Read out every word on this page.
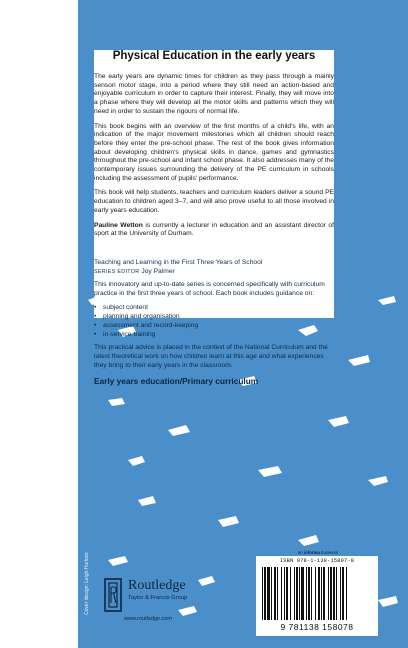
Physical Education in the early years

The early years are dynamic times for children as they pass through a mainly sensori motor stage, into a period where they still need an action-based and enjoyable curriculum in order to capture their interest. Finally, they will move into a phase where they will develop all the motor skills and patterns which they will need in order to sustain the rigours of normal life.

This book begins with an overview of the first months of a child's life, with an indication of the major movement milestones which all children should reach before they enter the pre-school phase. The rest of the book gives information about developing children's physical skills in dance, games and gymnastics throughout the pre-school and infant school phase. It also addresses many of the contemporary issues surrounding the delivery of the PE curriculum in schools including the assessment of pupils' performance.

This book will help students, teachers and curriculum leaders deliver a sound PE education to children aged 3–7, and will also prove useful to all those involved in early years education.

Pauline Wetton is currently a lecturer in education and an assistant director of sport at the University of Durham.

Teaching and Learning in the First Three Years of School
SERIES EDITOR Joy Palmer

This innovatory and up-to-date series is concerned specifically with curriculum practice in the first three years of school. Each book includes guidance on:

• subject content
• planning and organisation
• assessment and record-keeping
• in-service training

This practical advice is placed in the context of the National Curriculum and the latest theoretical work on how children learn at this age and what experiences they bring to their early years in the classroom.

Early years education/Primary curriculum
Cover design: Leigh Hurlock	an informa business
Routledge
Taylor & Francis Group
www.routledge.com
ISBN 978-1-138-15807-8
9 781138 158078
